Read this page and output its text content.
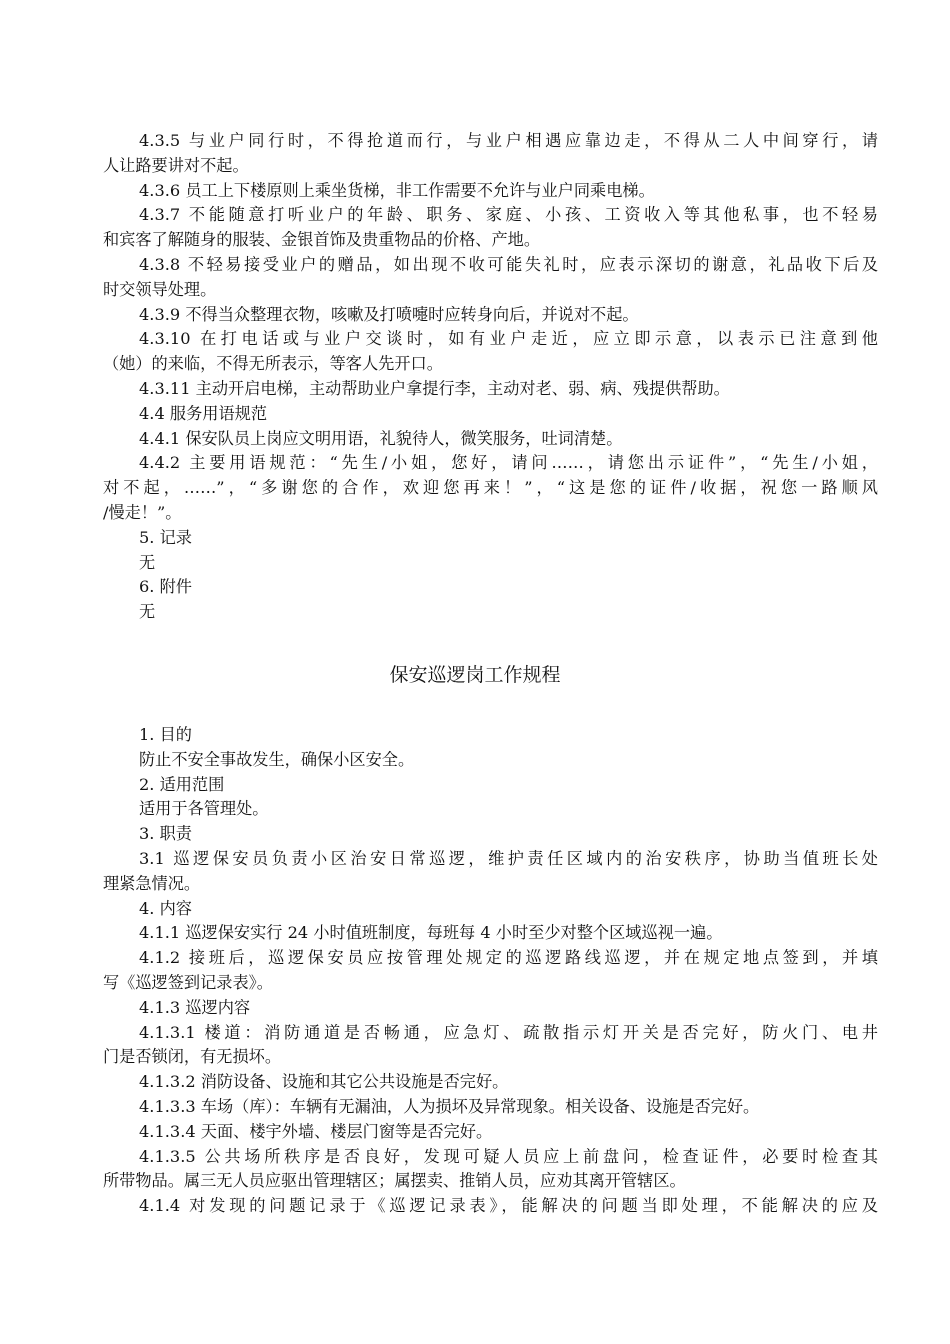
4.3.5 与业户同行时，不得抢道而行，与业户相遇应靠边走，不得从二人中间穿行，请
人让路要讲对不起。
4.3.6 员工上下楼原则上乘坐货梯，非工作需要不允许与业户同乘电梯。
4.3.7 不能随意打听业户的年龄、职务、家庭、小孩、工资收入等其他私事，也不轻易
和宾客了解随身的服装、金银首饰及贵重物品的价格、产地。
4.3.8 不轻易接受业户的赠品，如出现不收可能失礼时，应表示深切的谢意，礼品收下后及
时交领导处理。
4.3.9 不得当众整理衣物，咳嗽及打喷嚏时应转身向后，并说对不起。
4.3.10 在打电话或与业户交谈时，如有业户走近，应立即示意，以表示已注意到他
（她）的来临，不得无所表示，等客人先开口。
4.3.11 主动开启电梯，主动帮助业户拿提行李，主动对老、弱、病、残提供帮助。
4.4 服务用语规范
4.4.1 保安队员上岗应文明用语，礼貌待人，微笑服务，吐词清楚。
4.4.2 主要用语规范：“先生/小姐，您好，请问……，请您出示证件”，“先生/小姐，
对不起，……”，“多谢您的合作，欢迎您再来！”，“这是您的证件/收据，祝您一路顺风
/慢走！”。
5. 记录
无
6. 附件
无
保安巡逻岗工作规程
1. 目的
防止不安全事故发生，确保小区安全。
2. 适用范围
适用于各管理处。
3. 职责
3.1 巡逻保安员负责小区治安日常巡逻，维护责任区域内的治安秩序，协助当值班长处
理紧急情况。
4. 内容
4.1.1 巡逻保安实行 24 小时值班制度，每班每 4 小时至少对整个区域巡视一遍。
4.1.2 接班后，巡逻保安员应按管理处规定的巡逻路线巡逻，并在规定地点签到，并填
写《巡逻签到记录表》。
4.1.3 巡逻内容
4.1.3.1 楼道：消防通道是否畅通，应急灯、疏散指示灯开关是否完好，防火门、电井
门是否锁闭，有无损坏。
4.1.3.2 消防设备、设施和其它公共设施是否完好。
4.1.3.3 车场（库）：车辆有无漏油，人为损坏及异常现象。相关设备、设施是否完好。
4.1.3.4 天面、楼宇外墙、楼层门窗等是否完好。
4.1.3.5 公共场所秩序是否良好，发现可疑人员应上前盘问，检查证件，必要时检查其
所带物品。属三无人员应驱出管理辖区；属摆卖、推销人员，应劝其离开管辖区。
4.1.4 对发现的问题记录于《巡逻记录表》，能解决的问题当即处理，不能解决的应及
